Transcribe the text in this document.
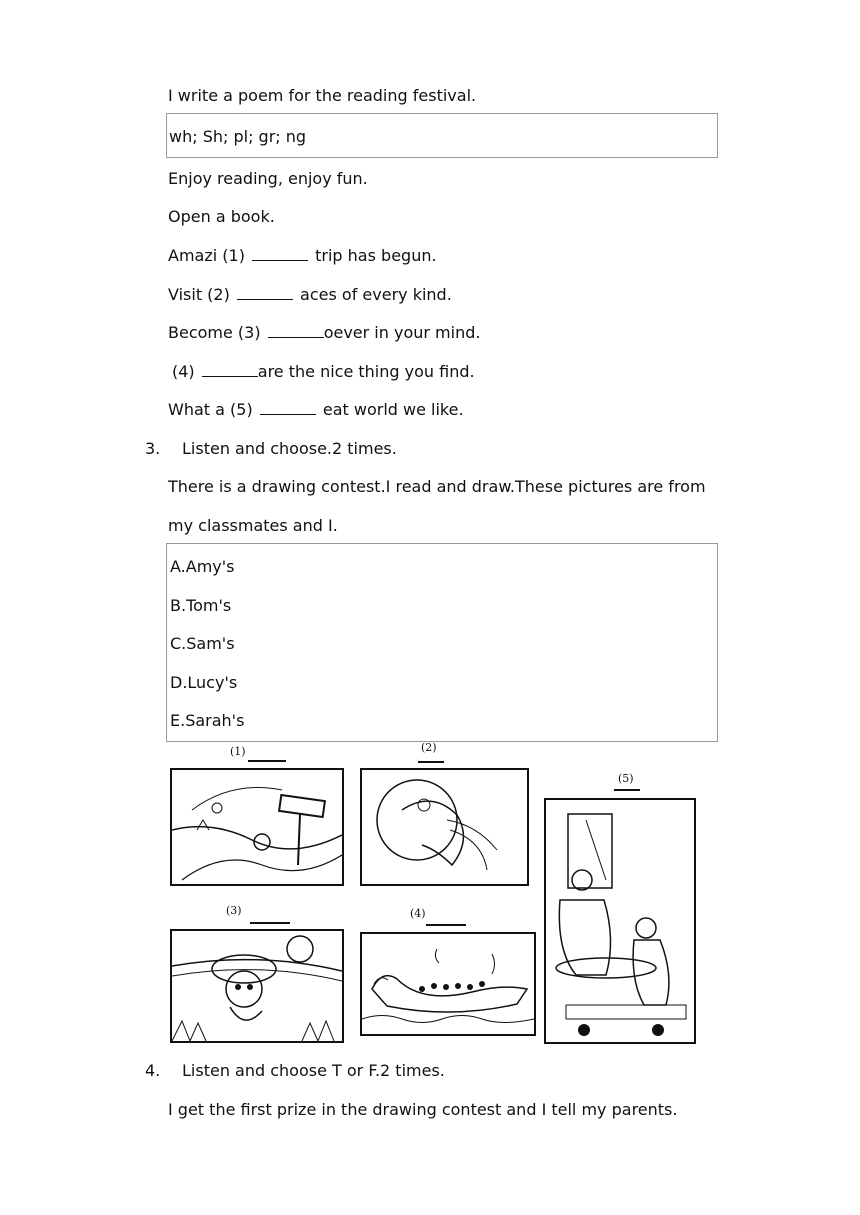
I write a poem for the reading festival.
wh; Sh; pl; gr; ng
Enjoy reading, enjoy fun.
Open a book.
Amazi (1)	trip has begun.
Visit (2)	aces of every kind.
Become (3)	oever in your mind.
(4)	are the nice thing you find.
What a (5)	eat world we like.
3. Listen and choose.2 times.
There is a drawing contest.I read and draw.These pictures are from
my classmates and I.
A.Amy's
B.Tom's
C.Sam's
D.Lucy's
E.Sarah's
(1)	(2)
(5)
(3)	(4)
4. Listen and choose T or F.2 times.
I get the first prize in the drawing contest and I tell my parents.
